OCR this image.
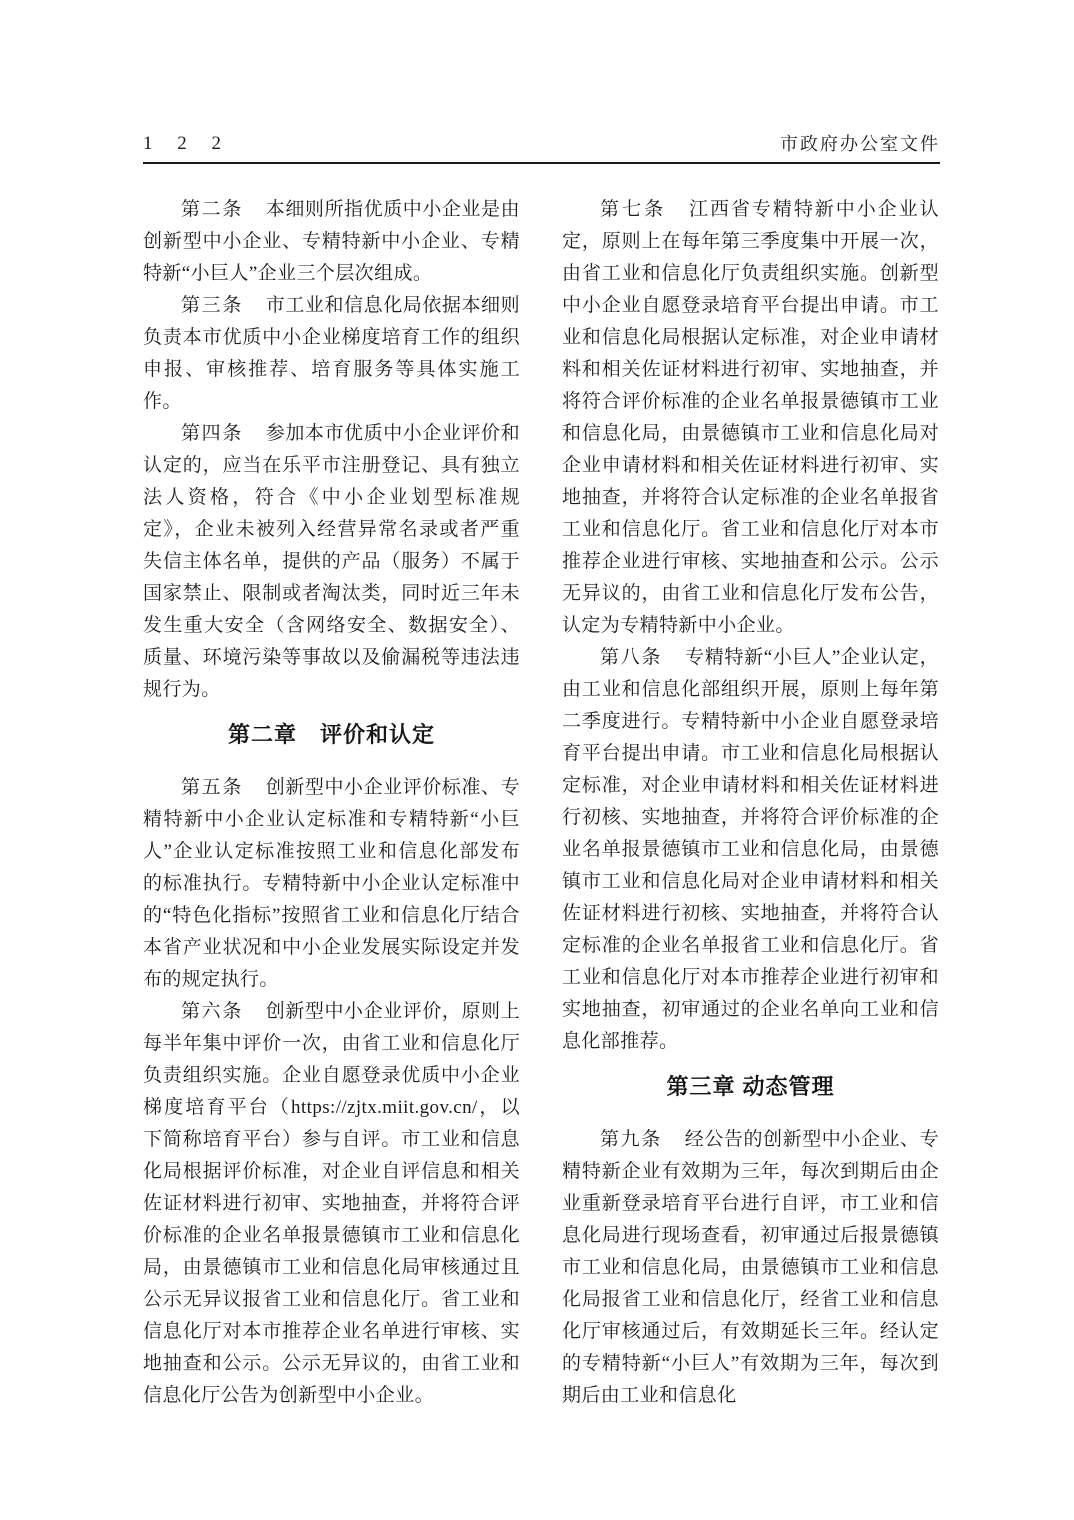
1 2 2	市政府办公室文件

第二条 本细则所指优质中小企业是由创新型中小企业、专精特新中小企业、专精特新“小巨人”企业三个层次组成。

第三条 市工业和信息化局依据本细则负责本市优质中小企业梯度培育工作的组织申报、审核推荐、培育服务等具体实施工作。

第四条 参加本市优质中小企业评价和认定的，应当在乐平市注册登记、具有独立法人资格，符合《中小企业划型标准规定》，企业未被列入经营异常名录或者严重失信主体名单，提供的产品（服务）不属于国家禁止、限制或者淘汰类，同时近三年未发生重大安全（含网络安全、数据安全）、质量、环境污染等事故以及偷漏税等违法违规行为。

第二章　评价和认定

第五条 创新型中小企业评价标准、专精特新中小企业认定标准和专精特新“小巨人”企业认定标准按照工业和信息化部发布的标准执行。专精特新中小企业认定标准中的“特色化指标”按照省工业和信息化厅结合本省产业状况和中小企业发展实际设定并发布的规定执行。

第六条 创新型中小企业评价，原则上每半年集中评价一次，由省工业和信息化厅负责组织实施。企业自愿登录优质中小企业梯度培育平台（https://zjtx.miit.gov.cn/，以下简称培育平台）参与自评。市工业和信息化局根据评价标准，对企业自评信息和相关佐证材料进行初审、实地抽查，并将符合评价标准的企业名单报景德镇市工业和信息化局，由景德镇市工业和信息化局审核通过且公示无异议报省工业和信息化厅。省工业和信息化厅对本市推荐企业名单进行审核、实地抽查和公示。公示无异议的，由省工业和信息化厅公告为创新型中小企业。

第七条 江西省专精特新中小企业认定，原则上在每年第三季度集中开展一次，由省工业和信息化厅负责组织实施。创新型中小企业自愿登录培育平台提出申请。市工业和信息化局根据认定标准，对企业申请材料和相关佐证材料进行初审、实地抽查，并将符合评价标准的企业名单报景德镇市工业和信息化局，由景德镇市工业和信息化局对企业申请材料和相关佐证材料进行初审、实地抽查，并将符合认定标准的企业名单报省工业和信息化厅。省工业和信息化厅对本市推荐企业进行审核、实地抽查和公示。公示无异议的，由省工业和信息化厅发布公告，认定为专精特新中小企业。

第八条 专精特新“小巨人”企业认定，由工业和信息化部组织开展，原则上每年第二季度进行。专精特新中小企业自愿登录培育平台提出申请。市工业和信息化局根据认定标准，对企业申请材料和相关佐证材料进行初核、实地抽查，并将符合评价标准的企业名单报景德镇市工业和信息化局，由景德镇市工业和信息化局对企业申请材料和相关佐证材料进行初核、实地抽查，并将符合认定标准的企业名单报省工业和信息化厅。省工业和信息化厅对本市推荐企业进行初审和实地抽查，初审通过的企业名单向工业和信息化部推荐。

第三章 动态管理

第九条 经公告的创新型中小企业、专精特新企业有效期为三年，每次到期后由企业重新登录培育平台进行自评，市工业和信息化局进行现场查看，初审通过后报景德镇市工业和信息化局，由景德镇市工业和信息化局报省工业和信息化厅，经省工业和信息化厅审核通过后，有效期延长三年。经认定的专精特新“小巨人”有效期为三年，每次到期后由工业和信息化
